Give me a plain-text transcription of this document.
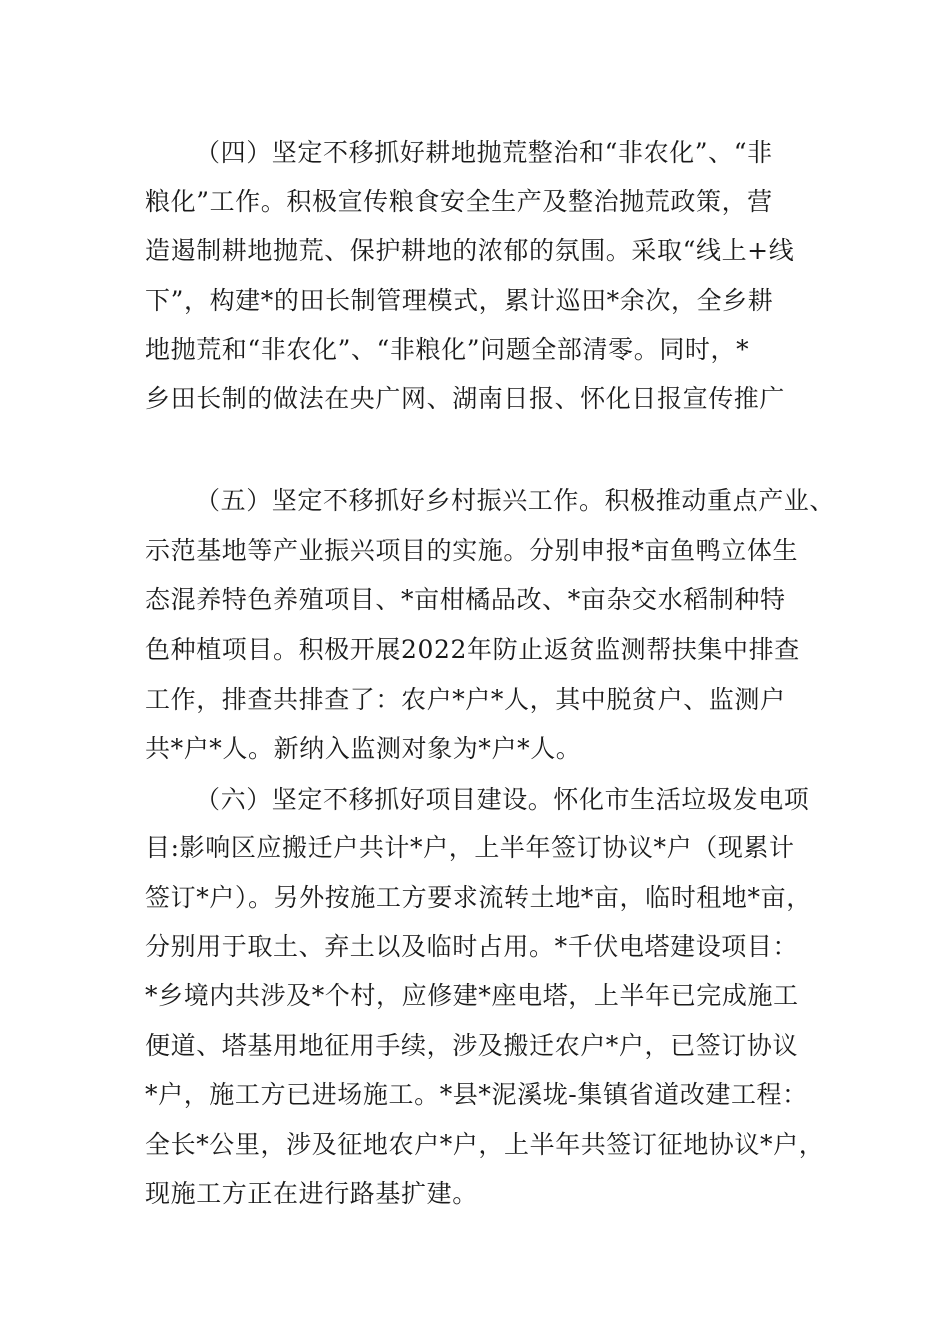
（四）坚定不移抓好耕地抛荒整治和“非农化”、“非
粮化”工作。积极宣传粮食安全生产及整治抛荒政策，营
造遏制耕地抛荒、保护耕地的浓郁的氛围。采取“线上+线
下”，构建*的田长制管理模式，累计巡田*余次，全乡耕
地抛荒和“非农化”、“非粮化”问题全部清零。同时，*
乡田长制的做法在央广网、湖南日报、怀化日报宣传推广
（五）坚定不移抓好乡村振兴工作。积极推动重点产业、
示范基地等产业振兴项目的实施。分别申报*亩鱼鸭立体生
态混养特色养殖项目、*亩柑橘品改、*亩杂交水稻制种特
色种植项目。积极开展2022年防止返贫监测帮扶集中排查
工作，排查共排查了：农户*户*人，其中脱贫户、监测户
共*户*人。新纳入监测对象为*户*人。
（六）坚定不移抓好项目建设。怀化市生活垃圾发电项
目:影响区应搬迁户共计*户，上半年签订协议*户（现累计
签订*户）。另外按施工方要求流转土地*亩，临时租地*亩，
分别用于取土、弃土以及临时占用。*千伏电塔建设项目：
*乡境内共涉及*个村，应修建*座电塔，上半年已完成施工
便道、塔基用地征用手续，涉及搬迁农户*户，已签订协议
*户，施工方已进场施工。*县*泥溪垅-集镇省道改建工程：
全长*公里，涉及征地农户*户，上半年共签订征地协议*户，
现施工方正在进行路基扩建。
